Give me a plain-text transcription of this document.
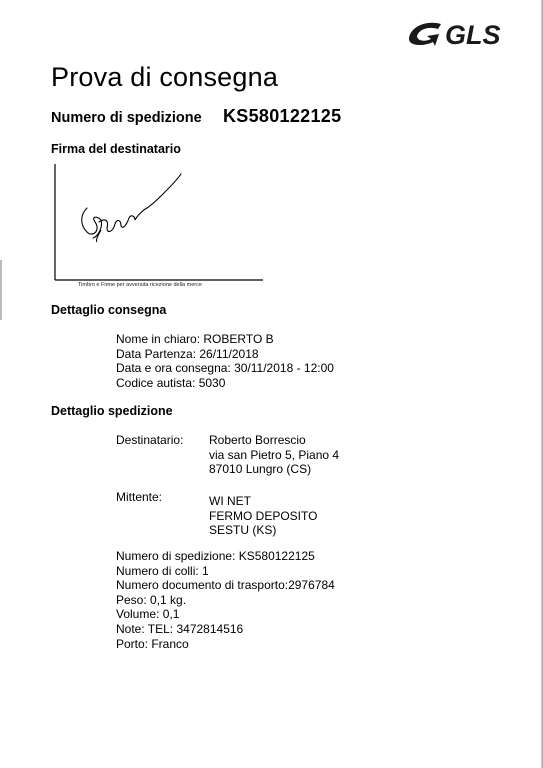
GLS
Prova di consegna
Numero di spedizione KS580122125
Firma del destinatario
Timbro e Firme per avvenuta ricezione della merce
Dettaglio consegna
Nome in chiaro: ROBERTO B
Data Partenza: 26/11/2018
Data e ora consegna: 30/11/2018 - 12:00
Codice autista: 5030
Dettaglio spedizione
Destinatario: Roberto Borrescio
via san Pietro 5, Piano 4
87010 Lungro (CS)
Mittente:	WI NET
FERMO DEPOSITO
SESTU (KS)
Numero di spedizione: KS580122125
Numero di colli: 1
Numero documento di trasporto:2976784
Peso: 0,1 kg.
Volume: 0,1
Note: TEL: 3472814516
Porto: Franco
